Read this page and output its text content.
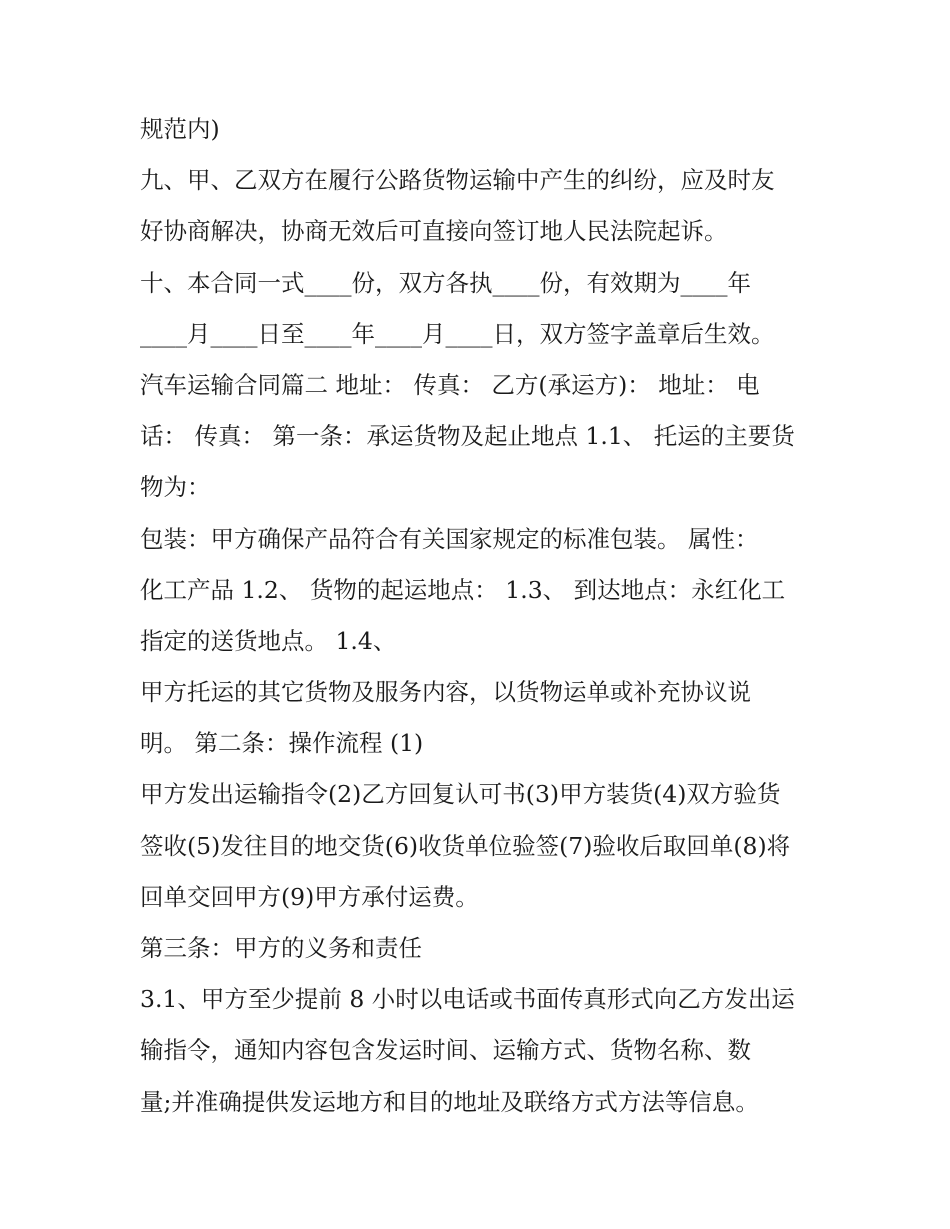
规范内)
九、甲、乙双方在履行公路货物运输中产生的纠纷，应及时友
好协商解决，协商无效后可直接向签订地人民法院起诉。
十、本合同一式____份，双方各执____份，有效期为____年
____月____日至____年____月____日，双方签字盖章后生效。
汽车运输合同篇二 地址： 传真： 乙方(承运方)： 地址： 电
话： 传真： 第一条：承运货物及起止地点 1.1、 托运的主要货
物为：
包装：甲方确保产品符合有关国家规定的标准包装。 属性：
化工产品 1.2、 货物的起运地点： 1.3、 到达地点：永红化工
指定的送货地点。 1.4、
甲方托运的其它货物及服务内容，以货物运单或补充协议说
明。 第二条：操作流程 (1)
甲方发出运输指令(2)乙方回复认可书(3)甲方装货(4)双方验货
签收(5)发往目的地交货(6)收货单位验签(7)验收后取回单(8)将
回单交回甲方(9)甲方承付运费。
第三条：甲方的义务和责任
3.1、甲方至少提前 8 小时以电话或书面传真形式向乙方发出运
输指令，通知内容包含发运时间、运输方式、货物名称、数
量;并准确提供发运地方和目的地址及联络方式方法等信息。
